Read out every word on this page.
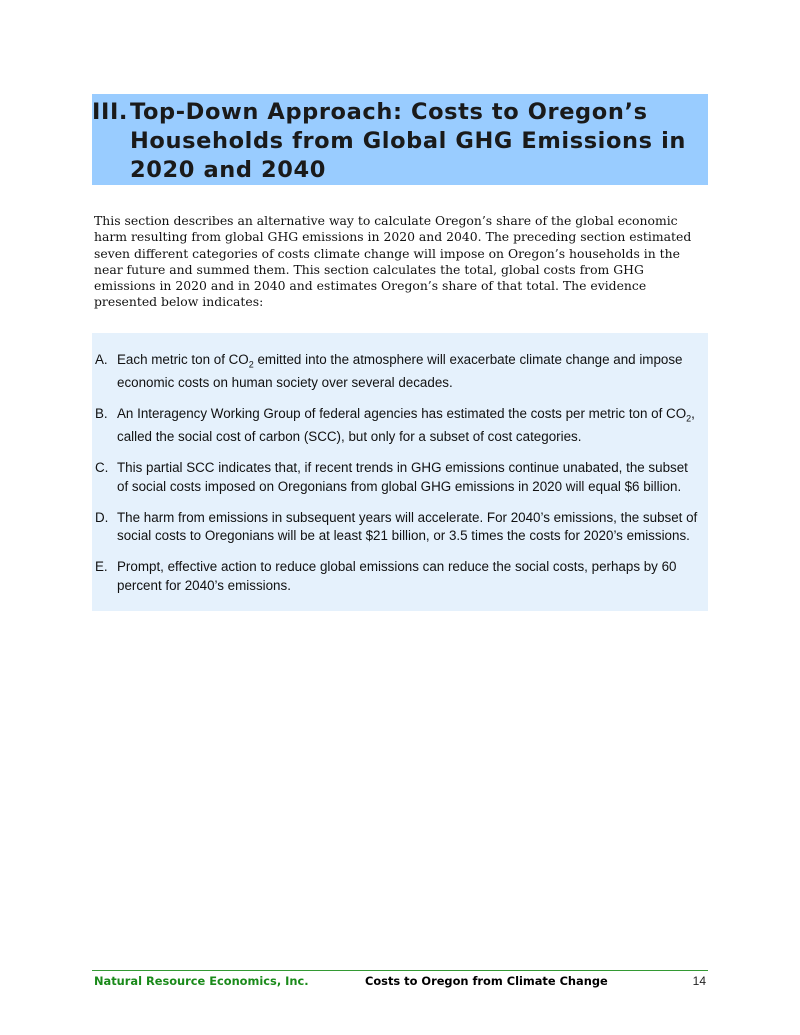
III. Top-Down Approach: Costs to Oregon’s Households from Global GHG Emissions in 2020 and 2040

This section describes an alternative way to calculate Oregon’s share of the global economic harm resulting from global GHG emissions in 2020 and 2040. The preceding section estimated seven different categories of costs climate change will impose on Oregon’s households in the near future and summed them. This section calculates the total, global costs from GHG emissions in 2020 and in 2040 and estimates Oregon’s share of that total. The evidence presented below indicates:

A. Each metric ton of $CO_2$ emitted into the atmosphere will exacerbate climate change and impose economic costs on human society over several decades.
B. An Interagency Working Group of federal agencies has estimated the costs per metric ton of $CO_2$, called the social cost of carbon (SCC), but only for a subset of cost categories.
C. This partial SCC indicates that, if recent trends in GHG emissions continue unabated, the subset of social costs imposed on Oregonians from global GHG emissions in 2020 will equal $6 billion.
D. The harm from emissions in subsequent years will accelerate. For 2040’s emissions, the subset of social costs to Oregonians will be at least $21 billion, or 3.5 times the costs for 2020’s emissions.
E. Prompt, effective action to reduce global emissions can reduce the social costs, perhaps by 60 percent for 2040’s emissions.
Natural Resource Economics, Inc.	Costs to Oregon from Climate Change	14
